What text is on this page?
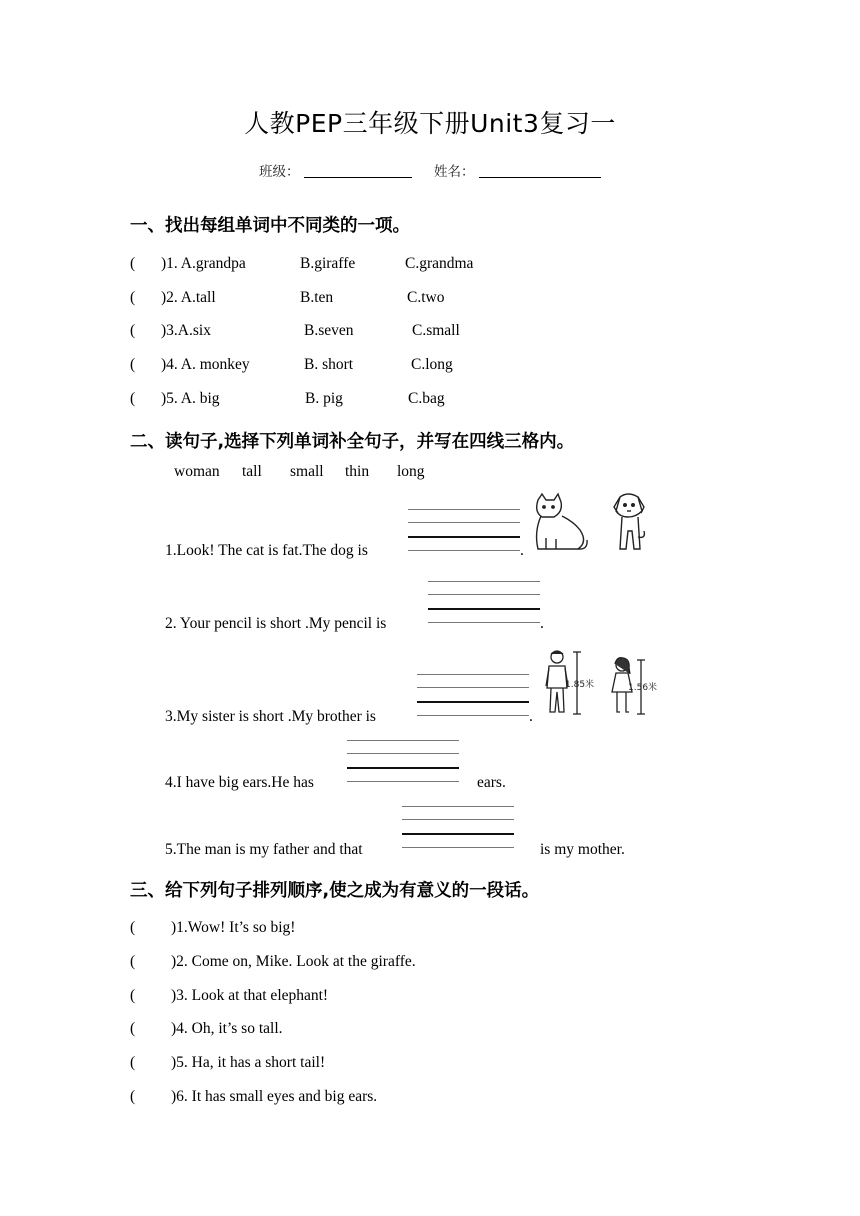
人教PEP三年级下册Unit3复习一
班级：	姓名：
一、找出每组单词中不同类的一项。
( )1. A.grandpa	B.giraffe	C.grandma
( )2. A.tall	B.ten	C.two
( )3.A.six	B.seven	C.small
( )4. A. monkey	B. short	C.long
( )5. A. big	B. pig	C.bag
二、读句子,选择下列单词补全句子，并写在四线三格内。
woman tall small thin long
1.Look! The cat is fat.The dog is	.
2. Your pencil is short .My pencil is	.
3.My sister is short .My brother is	.
1.85米	1.56米
4.I have big ears.He has	ears.
5.The man is my father and that	is my mother.
三、给下列句子排列顺序,使之成为有意义的一段话。
( )1.Wow! It’s so big!
( )2. Come on, Mike. Look at the giraffe.
( )3. Look at that elephant!
( )4. Oh, it’s so tall.
( )5. Ha, it has a short tail!
( )6. It has small eyes and big ears.
